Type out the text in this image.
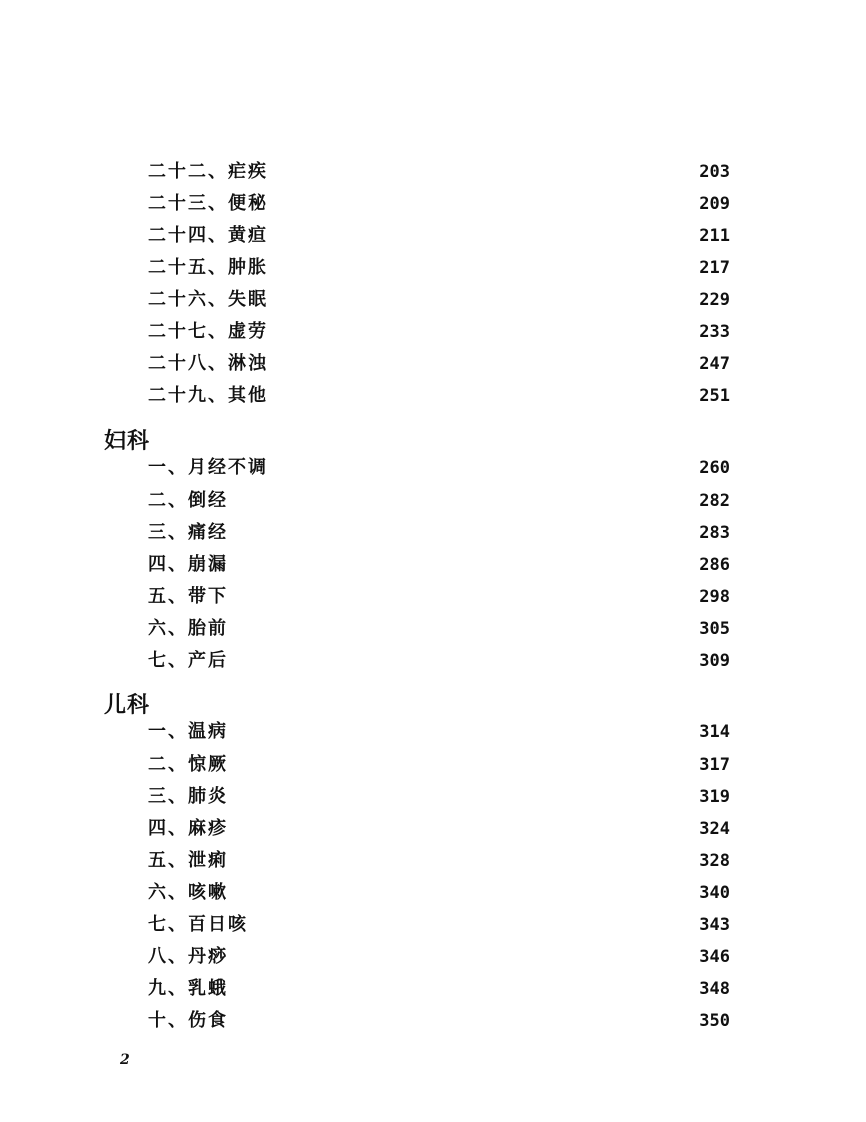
二十二、疟疾	203
二十三、便秘	209
二十四、黄疸	211
二十五、肿胀	217
二十六、失眠	229
二十七、虚劳	233
二十八、淋浊	247
二十九、其他	251
妇科
一、月经不调	260
二、倒经	282
三、痛经	283
四、崩漏	286
五、带下	298
六、胎前	305
七、产后	309
儿科
一、温病	314
二、惊厥	317
三、肺炎	319
四、麻疹	324
五、泄痢	328
六、咳嗽	340
七、百日咳	343
八、丹痧	346
九、乳蛾	348
十、伤食	350
2
